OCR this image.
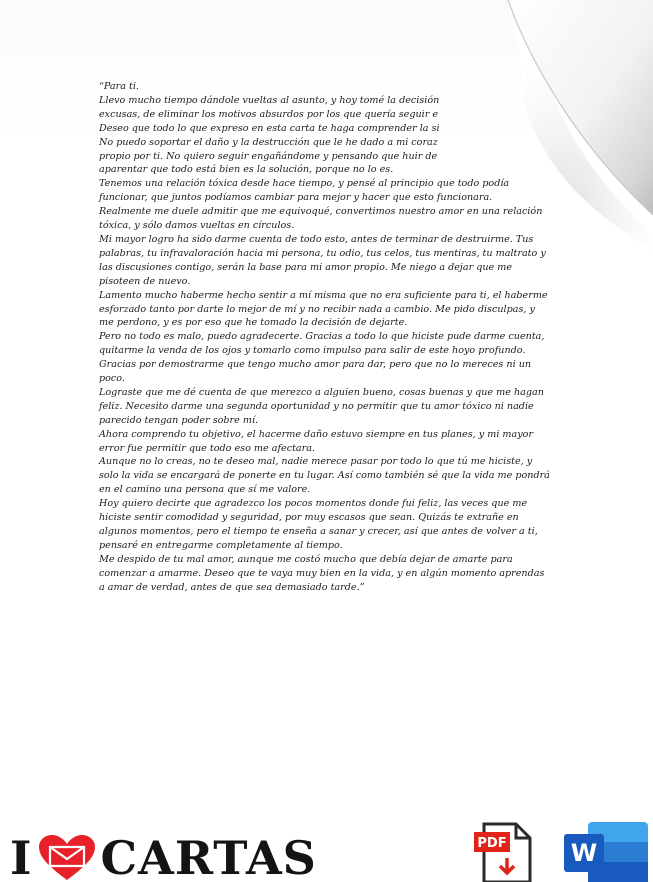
“Para ti.

Llevo mucho tiempo dándole vueltas al asunto, y hoy tomé la decisión

excusas, de eliminar los motivos absurdos por los que quería seguir e

Deseo que todo lo que expreso en esta carta te haga comprender la si

No puedo soportar el daño y la destrucción que le he dado a mi coraz

propio por ti. No quiero seguir engañándome y pensando que huir de

aparentar que todo está bien es la solución, porque no lo es.

Tenemos una relación tóxica desde hace tiempo, y pensé al principio que todo podía funcionar, que juntos podíamos cambiar para mejor y hacer que esto funcionara.

Realmente me duele admitir que me equivoqué, convertimos nuestro amor en una relación tóxica, y sólo damos vueltas en círculos.

Mi mayor logro ha sido darme cuenta de todo esto, antes de terminar de destruirme. Tus palabras, tu infravaloración hacia mi persona, tu odio, tus celos, tus mentiras, tu maltrato y las discusiones contigo, serán la base para mi amor propio. Me niego a dejar que me pisoteen de nuevo.

Lamento mucho haberme hecho sentir a mí misma que no era suficiente para ti, el haberme esforzado tanto por darte lo mejor de mí y no recibir nada a cambio. Me pido disculpas, y me perdono, y es por eso que he tomado la decisión de dejarte.

Pero no todo es malo, puedo agradecerte. Gracias a todo lo que hiciste pude darme cuenta, quitarme la venda de los ojos y tomarlo como impulso para salir de este hoyo profundo. Gracias por demostrarme que tengo mucho amor para dar, pero que no lo mereces ni un poco.

Lograste que me dé cuenta de que merezco a alguien bueno, cosas buenas y que me hagan feliz. Necesito darme una segunda oportunidad y no permitir que tu amor tóxico ni nadie parecido tengan poder sobre mí.

Ahora comprendo tu objetivo, el hacerme daño estuvo siempre en tus planes, y mi mayor error fue permitir que todo eso me afectara.

Aunque no lo creas, no te deseo mal, nadie merece pasar por todo lo que tú me hiciste, y solo la vida se encargará de ponerte en tu lugar. Así como también sé que la vida me pondrá en el camino una persona que sí me valore.

Hoy quiero decirte que agradezco los pocos momentos donde fui feliz, las veces que me hiciste sentir comodidad y seguridad, por muy escasos que sean. Quizás te extrañe en algunos momentos, pero el tiempo te enseña a sanar y crecer, así que antes de volver a ti, pensaré en entregarme completamente al tiempo.

Me despido de tu mal amor, aunque me costó mucho que debía dejar de amarte para comenzar a amarme. Deseo que te vaya muy bien en la vida, y en algún momento aprendas a amar de verdad, antes de que sea demasiado tarde.”

I CARTAS	PDF	W
